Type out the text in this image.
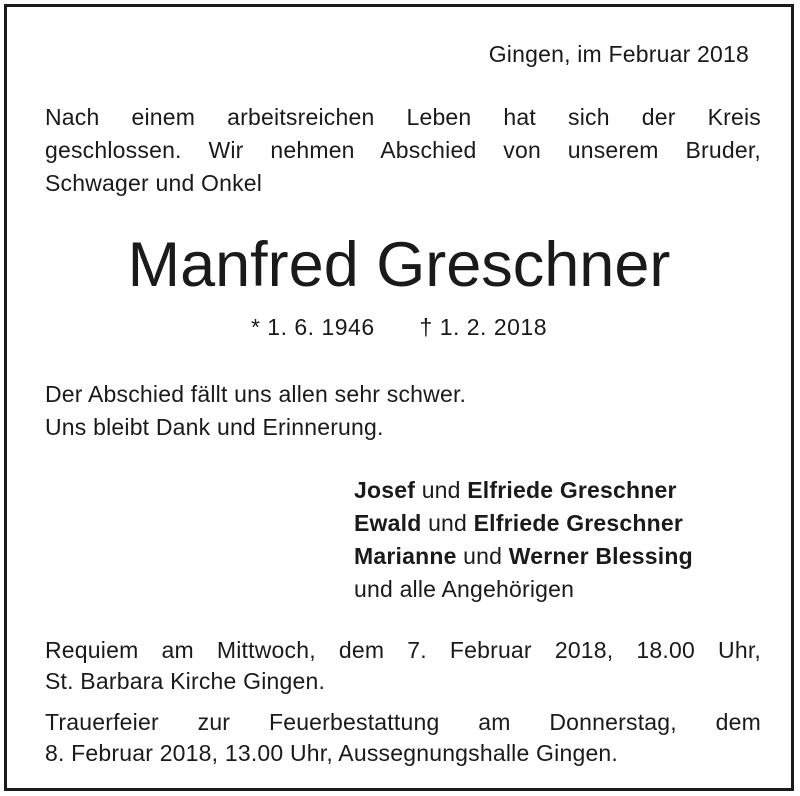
Gingen, im Februar 2018
Nach einem arbeitsreichen Leben hat sich der Kreis
geschlossen. Wir nehmen Abschied von unserem Bruder,
Schwager und Onkel
Manfred Greschner
* 1. 6. 1946 † 1. 2. 2018
Der Abschied fällt uns allen sehr schwer.
Uns bleibt Dank und Erinnerung.
Josef und Elfriede Greschner
Ewald und Elfriede Greschner
Marianne und Werner Blessing
und alle Angehörigen
Requiem am Mittwoch, dem 7. Februar 2018, 18.00 Uhr,
St. Barbara Kirche Gingen.
Trauerfeier zur Feuerbestattung am Donnerstag, dem
8. Februar 2018, 13.00 Uhr, Aussegnungshalle Gingen.
